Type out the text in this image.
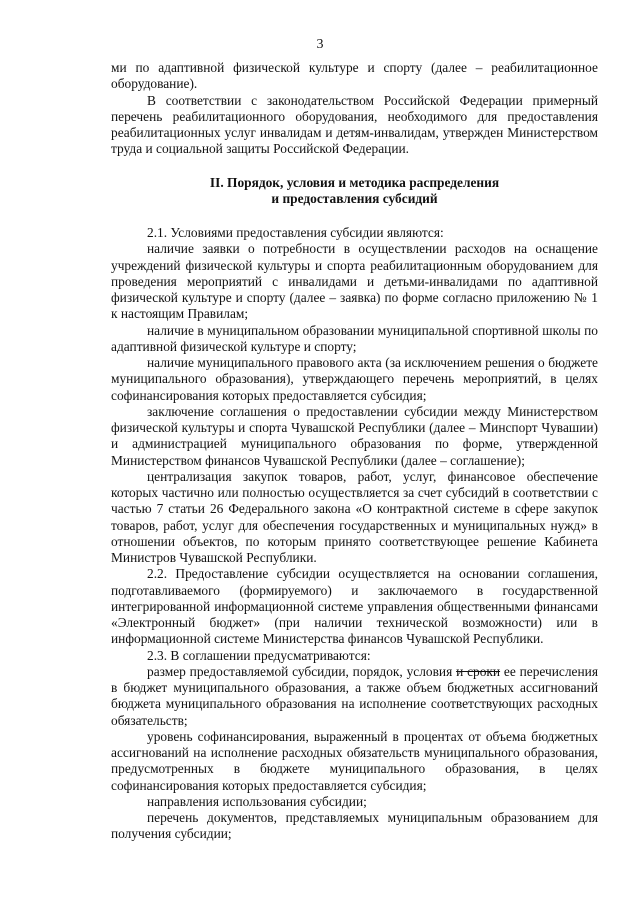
3

ми по адаптивной физической культуре и спорту (далее – реабилитационное оборудование).

В соответствии с законодательством Российской Федерации примерный перечень реабилитационного оборудования, необходимого для предоставления реабилитационных услуг инвалидам и детям-инвалидам, утвержден Министерством труда и социальной защиты Российской Федерации.

II. Порядок, условия и методика распределения
и предоставления субсидий

2.1. Условиями предоставления субсидии являются:

наличие заявки о потребности в осуществлении расходов на оснащение учреждений физической культуры и спорта реабилитационным оборудованием для проведения мероприятий с инвалидами и детьми-инвалидами по адаптивной физической культуре и спорту (далее – заявка) по форме согласно приложению № 1 к настоящим Правилам;

наличие в муниципальном образовании муниципальной спортивной школы по адаптивной физической культуре и спорту;

наличие муниципального правового акта (за исключением решения о бюджете муниципального образования), утверждающего перечень мероприятий, в целях софинансирования которых предоставляется субсидия;

заключение соглашения о предоставлении субсидии между Министерством физической культуры и спорта Чувашской Республики (далее – Минспорт Чувашии) и администрацией муниципального образования по форме, утвержденной Министерством финансов Чувашской Республики (далее – соглашение);

централизация закупок товаров, работ, услуг, финансовое обеспечение которых частично или полностью осуществляется за счет субсидий в соответствии с частью 7 статьи 26 Федерального закона «О контрактной системе в сфере закупок товаров, работ, услуг для обеспечения государственных и муниципальных нужд» в отношении объектов, по которым принято соответствующее решение Кабинета Министров Чувашской Республики.

2.2. Предоставление субсидии осуществляется на основании соглашения, подготавливаемого (формируемого) и заключаемого в государственной интегрированной информационной системе управления общественными финансами «Электронный бюджет» (при наличии технической возможности) или в информационной системе Министерства финансов Чувашской Республики.

2.3. В соглашении предусматриваются:

размер предоставляемой субсидии, порядок, условия и сроки ее перечисления в бюджет муниципального образования, а также объем бюджетных ассигнований бюджета муниципального образования на исполнение соответствующих расходных обязательств;

уровень софинансирования, выраженный в процентах от объема бюджетных ассигнований на исполнение расходных обязательств муниципального образования, предусмотренных в бюджете муниципального образования, в целях софинансирования которых предоставляется субсидия;

направления использования субсидии;

перечень документов, представляемых муниципальным образованием для получения субсидии;
